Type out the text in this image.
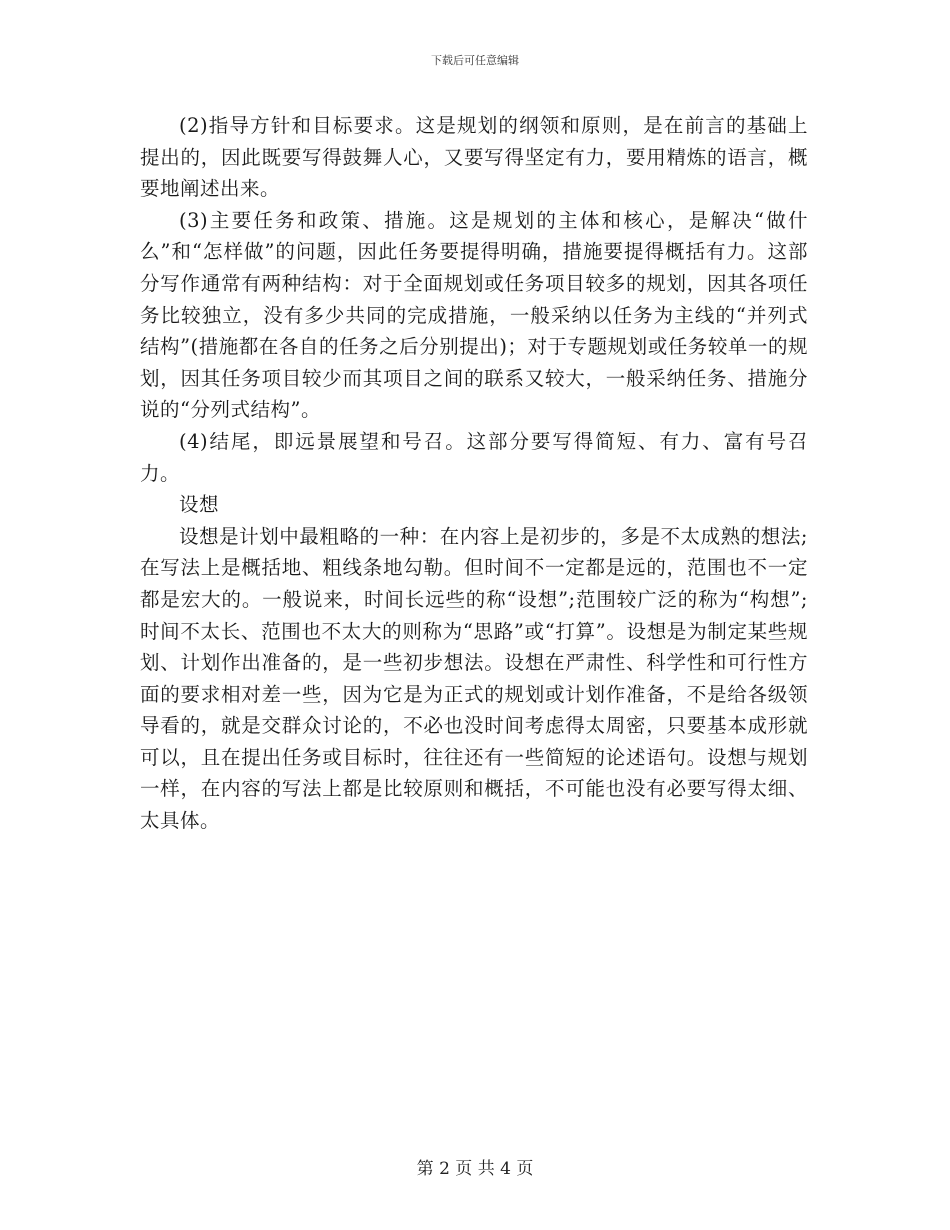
下载后可任意编辑

(2)指导方针和目标要求。这是规划的纲领和原则，是在前言的基础上提出的，因此既要写得鼓舞人心，又要写得坚定有力，要用精炼的语言，概要地阐述出来。

(3)主要任务和政策、措施。这是规划的主体和核心，是解决“做什么”和“怎样做”的问题，因此任务要提得明确，措施要提得概括有力。这部分写作通常有两种结构：对于全面规划或任务项目较多的规划，因其各项任务比较独立，没有多少共同的完成措施，一般采纳以任务为主线的“并列式结构”(措施都在各自的任务之后分别提出)；对于专题规划或任务较单一的规划，因其任务项目较少而其项目之间的联系又较大，一般采纳任务、措施分说的“分列式结构”。

(4)结尾，即远景展望和号召。这部分要写得简短、有力、富有号召力。

设想

设想是计划中最粗略的一种：在内容上是初步的，多是不太成熟的想法;在写法上是概括地、粗线条地勾勒。但时间不一定都是远的，范围也不一定都是宏大的。一般说来，时间长远些的称“设想”;范围较广泛的称为“构想”;时间不太长、范围也不太大的则称为“思路”或“打算”。设想是为制定某些规划、计划作出准备的，是一些初步想法。设想在严肃性、科学性和可行性方面的要求相对差一些，因为它是为正式的规划或计划作准备，不是给各级领导看的，就是交群众讨论的，不必也没时间考虑得太周密，只要基本成形就可以，且在提出任务或目标时，往往还有一些简短的论述语句。设想与规划一样，在内容的写法上都是比较原则和概括，不可能也没有必要写得太细、太具体。

第 2 页 共 4 页
